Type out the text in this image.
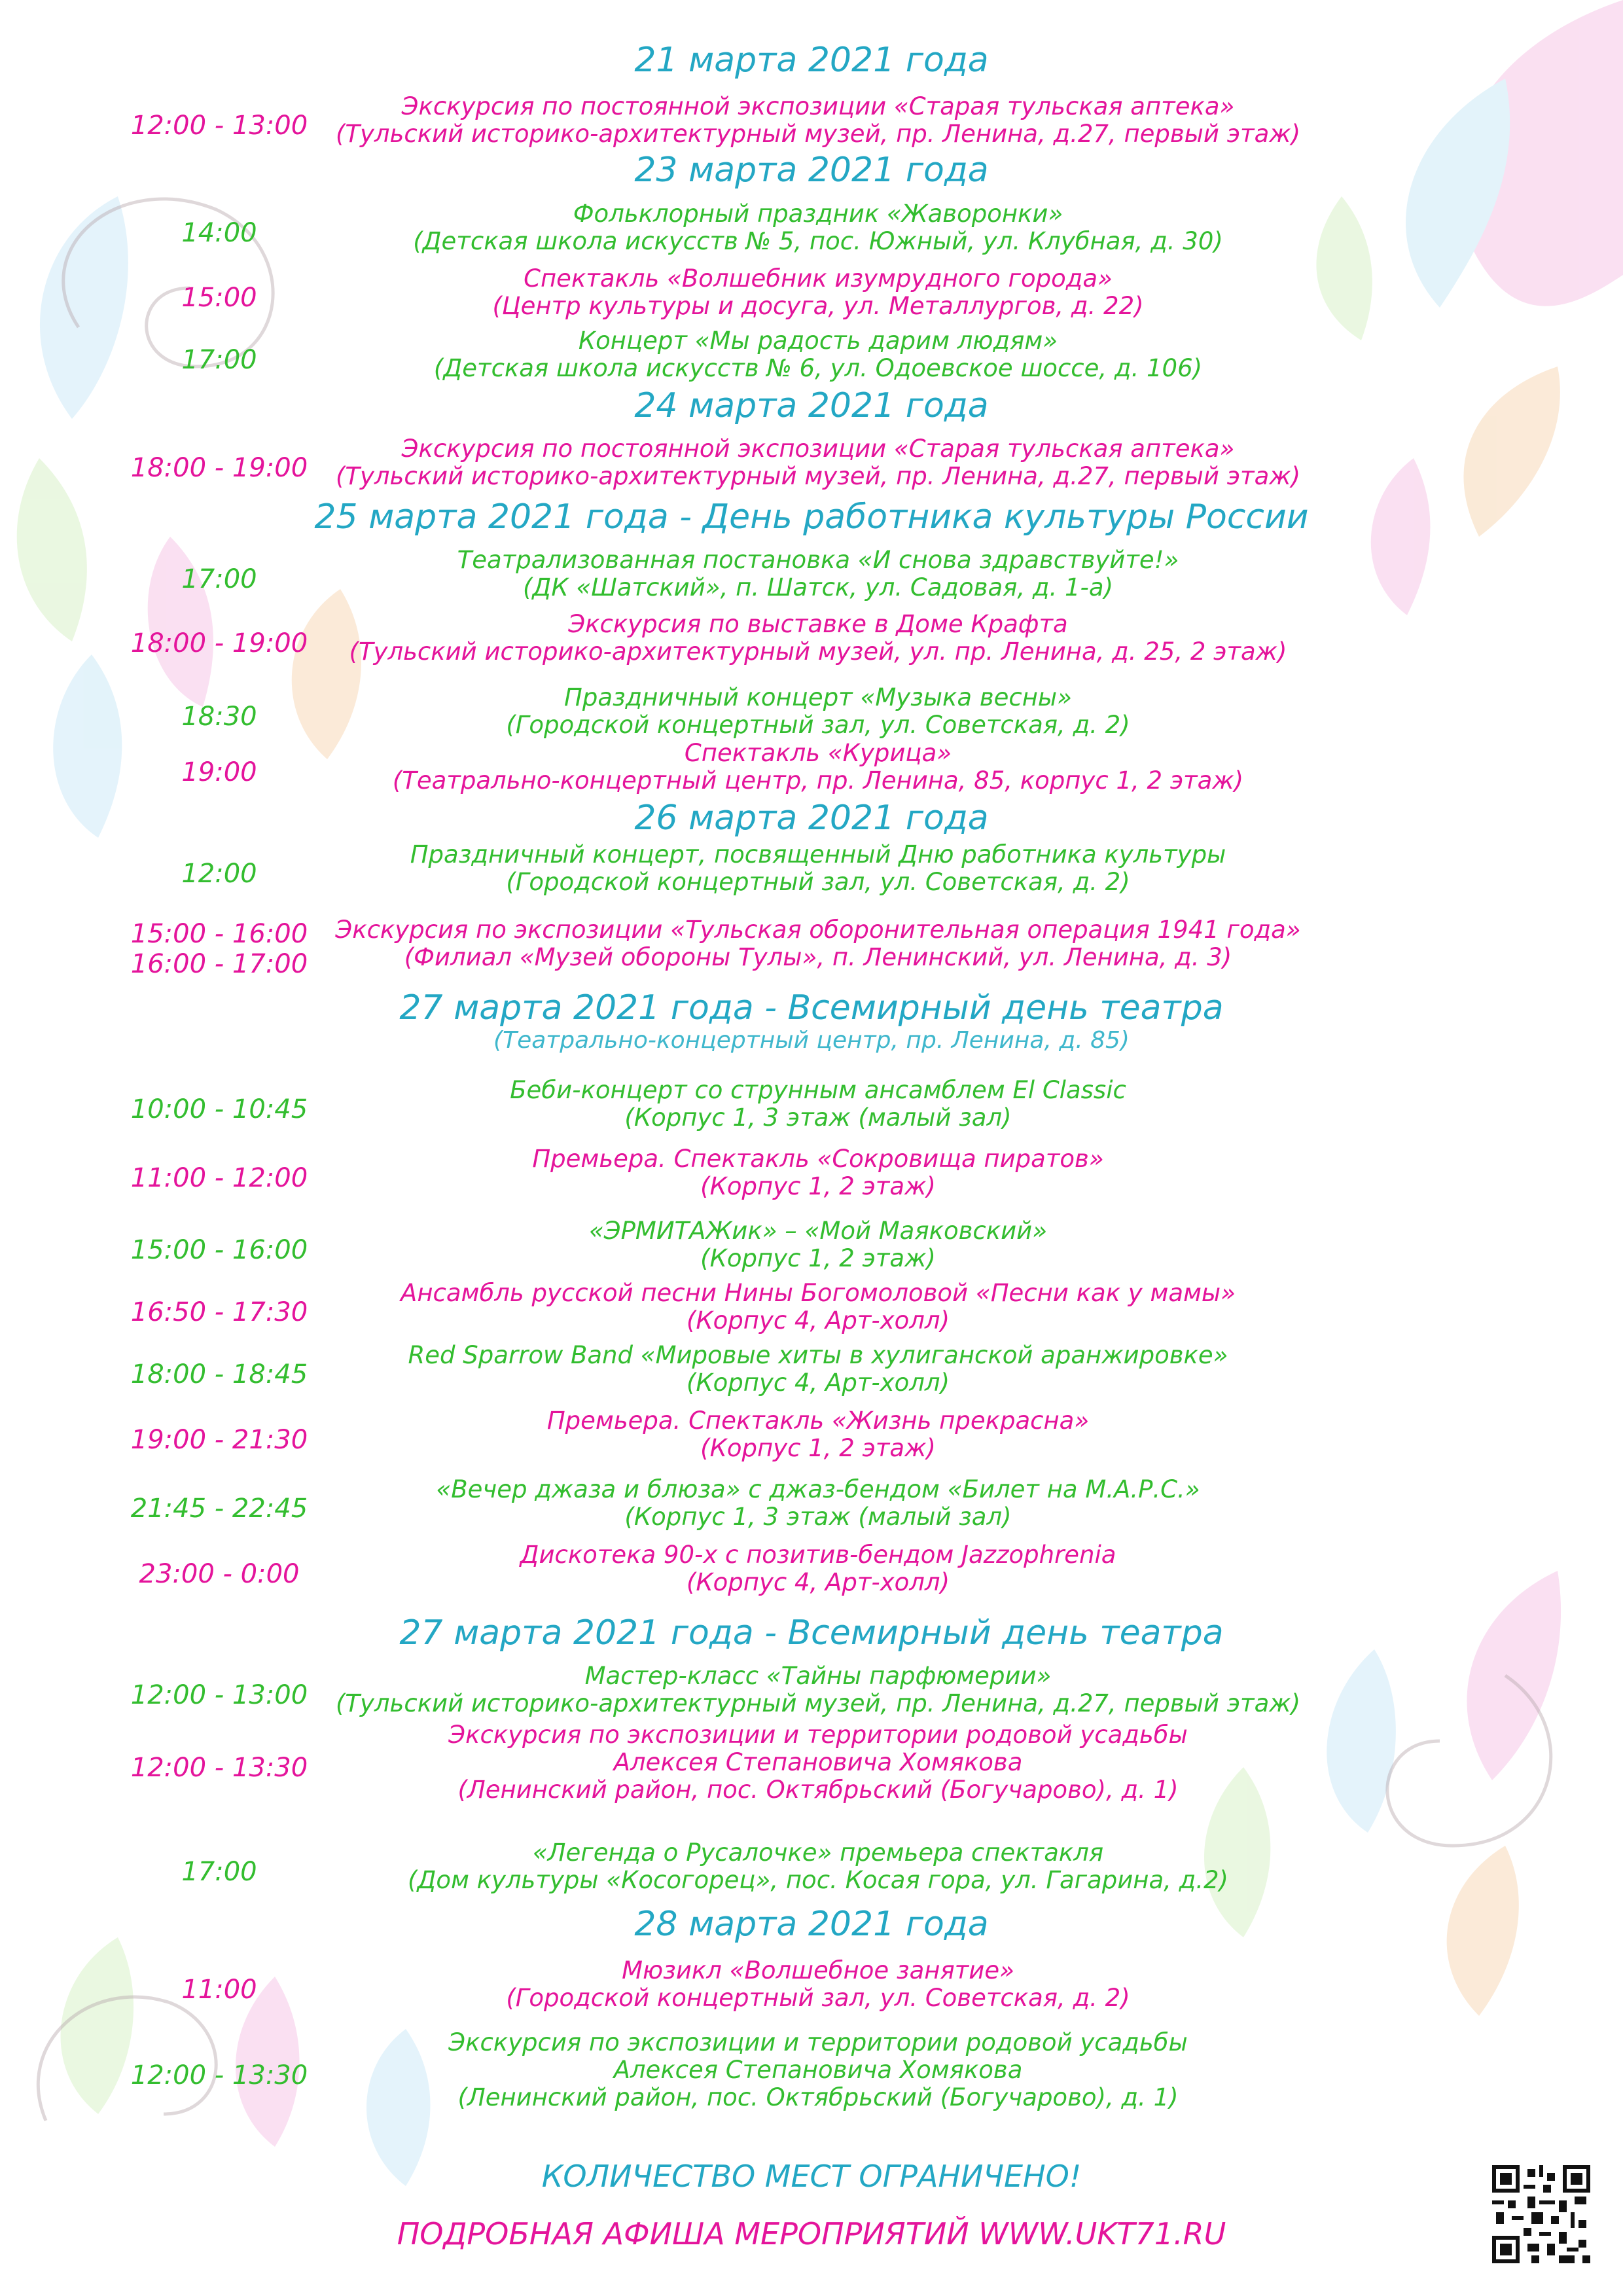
21 марта 2021 года
12:00 - 13:00
Экскурсия по постоянной экспозиции «Старая тульская аптека»
(Тульский историко-архитектурный музей, пр. Ленина, д.27, первый этаж)
23 марта 2021 года
14:00
Фольклорный праздник «Жаворонки»
(Детская школа искусств № 5, пос. Южный, ул. Клубная, д. 30)
15:00
Спектакль «Волшебник изумрудного города»
(Центр культуры и досуга, ул. Металлургов, д. 22)
17:00
Концерт «Мы радость дарим людям»
(Детская школа искусств № 6, ул. Одоевское шоссе, д. 106)
24 марта 2021 года
18:00 - 19:00
Экскурсия по постоянной экспозиции «Старая тульская аптека»
(Тульский историко-архитектурный музей, пр. Ленина, д.27, первый этаж)
25 марта 2021 года - День работника культуры России
17:00
Театрализованная постановка «И снова здравствуйте!»
(ДК «Шатский», п. Шатск, ул. Садовая, д. 1-а)
18:00 - 19:00
Экскурсия по выставке в Доме Крафта
(Тульский историко-архитектурный музей, ул. пр. Ленина, д. 25, 2 этаж)
18:30
Праздничный концерт «Музыка весны»
(Городской концертный зал, ул. Советская, д. 2)
19:00
Спектакль «Курица»
(Театрально-концертный центр, пр. Ленина, 85, корпус 1, 2 этаж)
26 марта 2021 года
12:00
Праздничный концерт, посвященный Дню работника культуры
(Городской концертный зал, ул. Советская, д. 2)
15:00 - 16:00
16:00 - 17:00
Экскурсия по экспозиции «Тульская оборонительная операция 1941 года»
(Филиал «Музей обороны Тулы», п. Ленинский, ул. Ленина, д. 3)
27 марта 2021 года - Всемирный день театра
(Театрально-концертный центр, пр. Ленина, д. 85)
10:00 - 10:45
Беби-концерт со струнным ансамблем El Classic
(Корпус 1, 3 этаж (малый зал)
11:00 - 12:00
Премьера. Спектакль «Сокровища пиратов»
(Корпус 1, 2 этаж)
15:00 - 16:00
«ЭРМИТАЖик» – «Мой Маяковский»
(Корпус 1, 2 этаж)
16:50 - 17:30
Ансамбль русской песни Нины Богомоловой «Песни как у мамы»
(Корпус 4, Арт-холл)
18:00 - 18:45
Red Sparrow Band «Мировые хиты в хулиганской аранжировке»
(Корпус 4, Арт-холл)
19:00 - 21:30
Премьера. Спектакль «Жизнь прекрасна»
(Корпус 1, 2 этаж)
21:45 - 22:45
«Вечер джаза и блюза» с джаз-бендом «Билет на М.А.Р.С.»
(Корпус 1, 3 этаж (малый зал)
23:00 - 0:00
Дискотека 90-х с позитив-бендом Jazzophrenia
(Корпус 4, Арт-холл)
27 марта 2021 года - Всемирный день театра
12:00 - 13:00
Мастер-класс «Тайны парфюмерии»
(Тульский историко-архитектурный музей, пр. Ленина, д.27, первый этаж)
12:00 - 13:30
Экскурсия по экспозиции и территории родовой усадьбы
Алексея Степановича Хомякова
(Ленинский район, пос. Октябрьский (Богучарово), д. 1)
17:00
«Легенда о Русалочке» премьера спектакля
(Дом культуры «Косогорец», пос. Косая гора, ул. Гагарина, д.2)
28 марта 2021 года
11:00
Мюзикл «Волшебное занятие»
(Городской концертный зал, ул. Советская, д. 2)
12:00 - 13:30
Экскурсия по экспозиции и территории родовой усадьбы
Алексея Степановича Хомякова
(Ленинский район, пос. Октябрьский (Богучарово), д. 1)
КОЛИЧЕСТВО МЕСТ ОГРАНИЧЕНО!
ПОДРОБНАЯ АФИША МЕРОПРИЯТИЙ WWW.UKT71.RU
